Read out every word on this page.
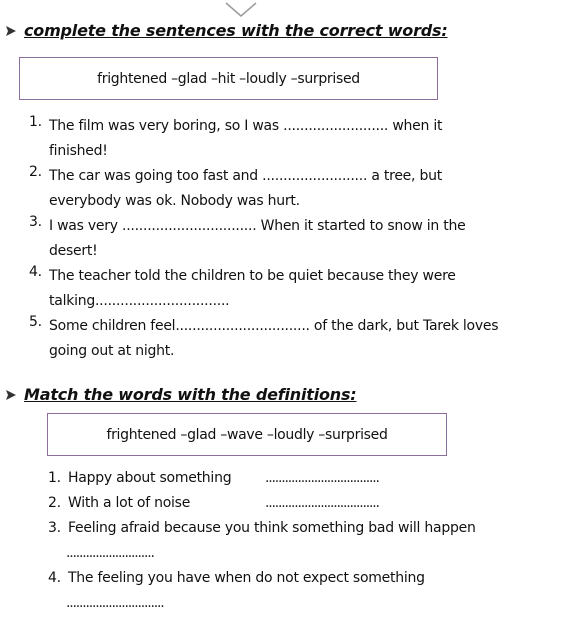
complete the sentences with the correct words:
frightened –glad –hit –loudly –surprised
1. The film was very boring, so I was ......................... when it
finished!
2. The car was going too fast and ......................... a tree, but
everybody was ok. Nobody was hurt.
3. I was very ................................ When it started to snow in the
desert!
4. The teacher told the children to be quiet because they were
talking................................
5. Some children feel................................ of the dark, but Tarek loves
going out at night.
Match the words with the definitions:
frightened –glad –wave –loudly –surprised
1. Happy about something ...................................
2. With a lot of noise	...................................
3. Feeling afraid because you think something bad will happen
...........................
4. The feeling you have when do not expect something
..............................
